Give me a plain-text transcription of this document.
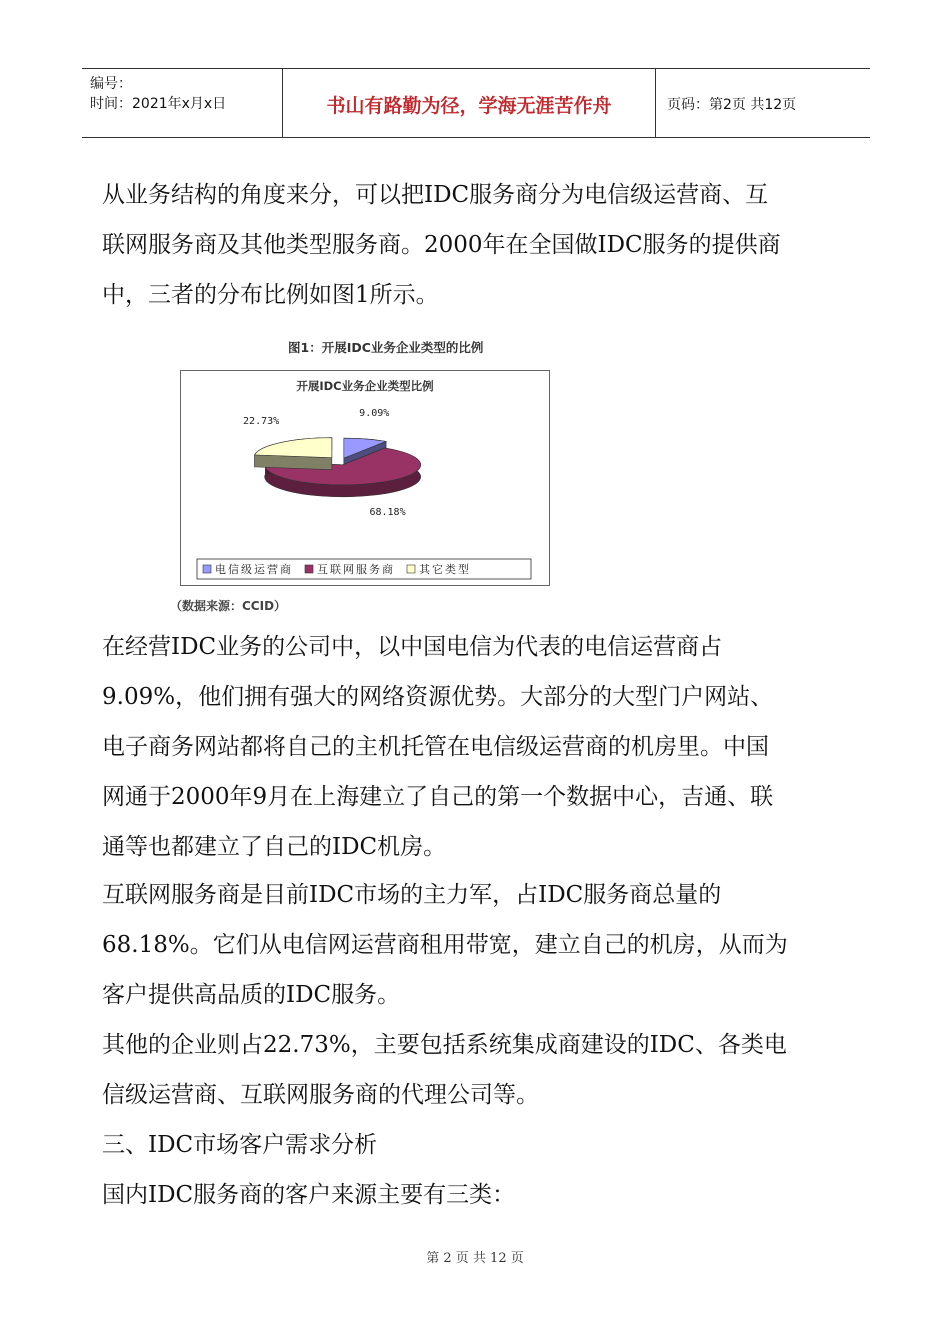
编号：
时间：2021年x月x日	书山有路勤为径，学海无涯苦作舟	页码：第2页 共12页
从业务结构的角度来分，可以把IDC服务商分为电信级运营商、互
联网服务商及其他类型服务商。2000年在全国做IDC服务的提供商
中，三者的分布比例如图1所示。
图1：开展IDC业务企业类型的比例
开展IDC业务企业类型比例
9.09%
68.18%
22.73%
电信级运营商 互联网服务商 其它类型
（数据来源：CCID）
在经营IDC业务的公司中，以中国电信为代表的电信运营商占
9.09%，他们拥有强大的网络资源优势。大部分的大型门户网站、
电子商务网站都将自己的主机托管在电信级运营商的机房里。中国
网通于2000年9月在上海建立了自己的第一个数据中心，吉通、联
通等也都建立了自己的IDC机房。
互联网服务商是目前IDC市场的主力军，占IDC服务商总量的
68.18%。它们从电信网运营商租用带宽，建立自己的机房，从而为
客户提供高品质的IDC服务。
其他的企业则占22.73%，主要包括系统集成商建设的IDC、各类电
信级运营商、互联网服务商的代理公司等。
三、IDC市场客户需求分析
国内IDC服务商的客户来源主要有三类：
第 2 页 共 12 页
